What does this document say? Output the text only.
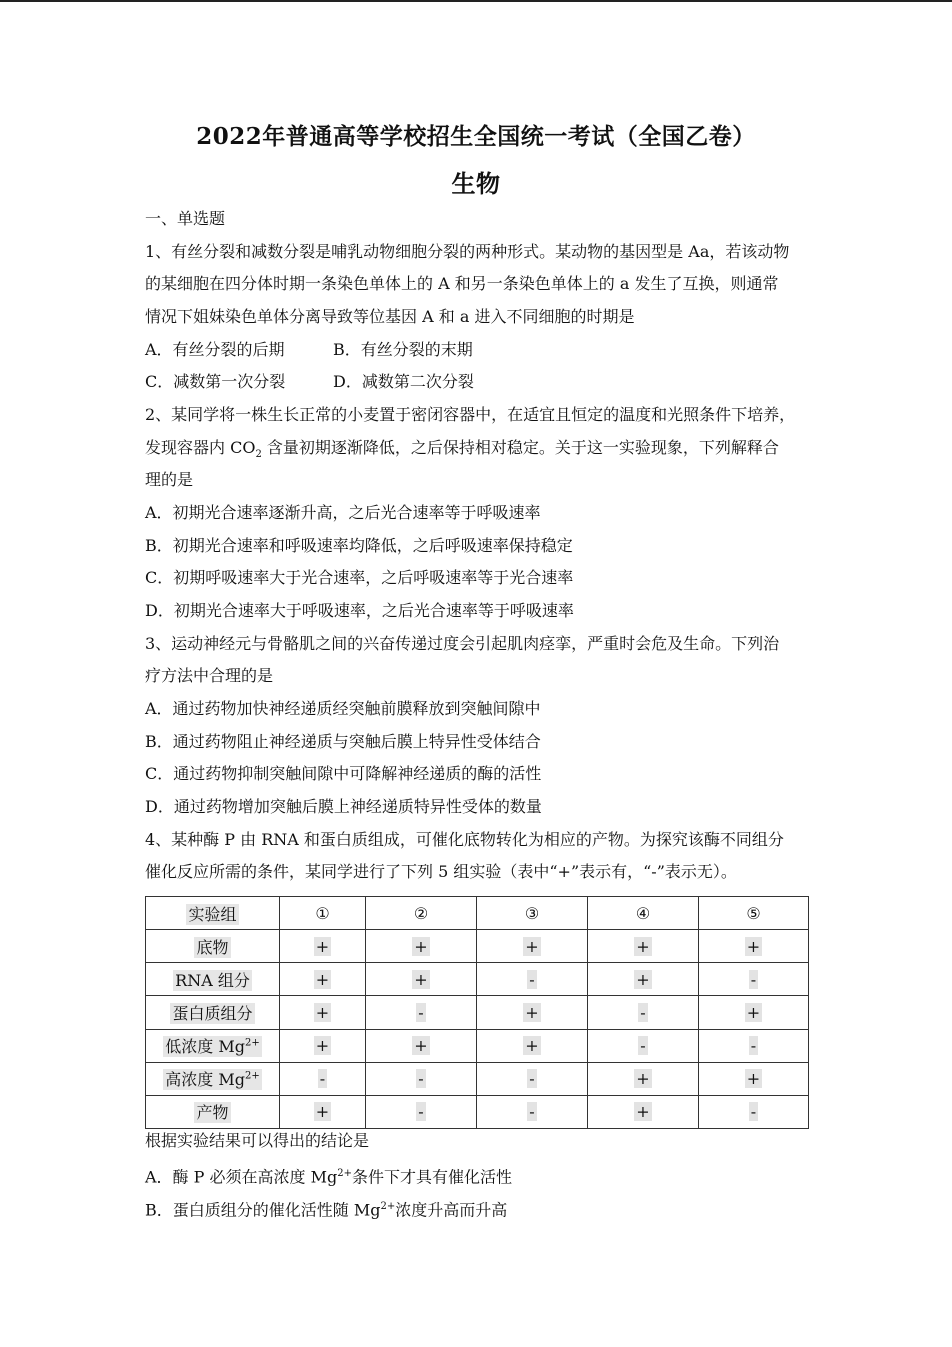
2022年普通高等学校招生全国统一考试（全国乙卷）
生物
一、单选题
1、有丝分裂和减数分裂是哺乳动物细胞分裂的两种形式。某动物的基因型是 Aa，若该动物
的某细胞在四分体时期一条染色单体上的 A 和另一条染色单体上的 a 发生了互换，则通常
情况下姐妹染色单体分离导致等位基因 A 和 a 进入不同细胞的时期是
A．有丝分裂的后期	B．有丝分裂的末期
C．减数第一次分裂	D．减数第二次分裂
2、某同学将一株生长正常的小麦置于密闭容器中，在适宜且恒定的温度和光照条件下培养，
发现容器内 $CO_2$ 含量初期逐渐降低，之后保持相对稳定。关于这一实验现象，下列解释合
理的是
A．初期光合速率逐渐升高，之后光合速率等于呼吸速率
B．初期光合速率和呼吸速率均降低，之后呼吸速率保持稳定
C．初期呼吸速率大于光合速率，之后呼吸速率等于光合速率
D．初期光合速率大于呼吸速率，之后光合速率等于呼吸速率
3、运动神经元与骨骼肌之间的兴奋传递过度会引起肌肉痉挛，严重时会危及生命。下列治
疗方法中合理的是
A．通过药物加快神经递质经突触前膜释放到突触间隙中
B．通过药物阻止神经递质与突触后膜上特异性受体结合
C．通过药物抑制突触间隙中可降解神经递质的酶的活性
D．通过药物增加突触后膜上神经递质特异性受体的数量
4、某种酶 P 由 RNA 和蛋白质组成，可催化底物转化为相应的产物。为探究该酶不同组分
催化反应所需的条件，某同学进行了下列 5 组实验（表中“+”表示有，“-”表示无）。
实验组	①	②	③	④	⑤
底物	+	+	+	+	+
RNA 组分	+	+	-	+	-
蛋白质组分	+	-	+	-	+
低浓度 $Mg^{2+}$	+	+	+	-	-
高浓度 $Mg^{2+}$	-	-	-	+	+
产物	+	-	-	+	-
根据实验结果可以得出的结论是
A．酶 P 必须在高浓度 $Mg^{2+}$条件下才具有催化活性
B．蛋白质组分的催化活性随 $Mg^{2+}$浓度升高而升高
